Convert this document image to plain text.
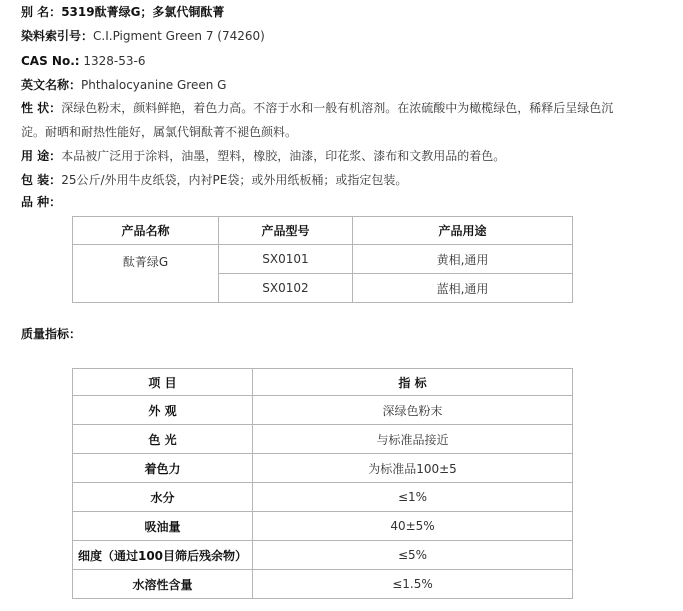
别 名：5319酞菁绿G；多氯代铜酞菁
染料索引号：C.I.Pigment Green 7 (74260)
CAS No.: 1328-53-6
英文名称：Phthalocyanine Green G
性 状：深绿色粉末，颜料鲜艳，着色力高。不溶于水和一般有机溶剂。在浓硫酸中为橄榄绿色，稀释后呈绿色沉
淀。耐晒和耐热性能好，属氯代铜酞菁不褪色颜料。
用 途：本品被广泛用于涂料，油墨，塑料，橡胶，油漆，印花浆、漆布和文教用品的着色。
包 装：25公斤/外用牛皮纸袋，内衬PE袋；或外用纸板桶；或指定包装。
品 种：
产品名称	产品型号	产品用途
酞菁绿G	SX0101	黄相,通用
	SX0102	蓝相,通用
质量指标：
项 目	指 标
外 观	深绿色粉末
色 光	与标准品接近
着色力	为标准品100±5
水分	≤1%
吸油量	40±5%
细度（通过100目筛后残余物）	≤5%
水溶性含量	≤1.5%
